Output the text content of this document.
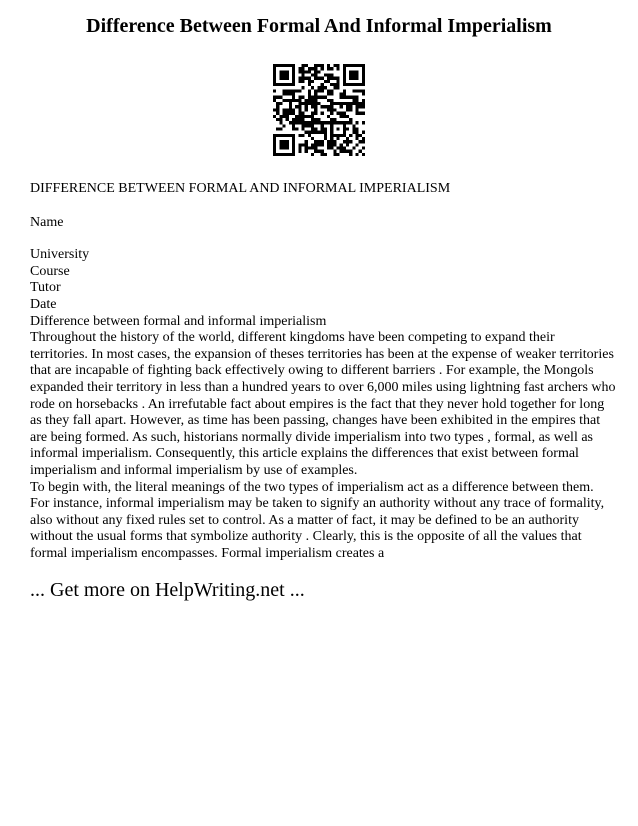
Difference Between Formal And Informal Imperialism

DIFFERENCE BETWEEN FORMAL AND INFORMAL IMPERIALISM

Name

University

Course

Tutor

Date

Difference between formal and informal imperialism

Throughout the history of the world, different kingdoms have been competing to expand their territories. In most cases, the expansion of theses territories has been at the expense of weaker territories that are incapable of fighting back effectively owing to different barriers . For example, the Mongols expanded their territory in less than a hundred years to over 6,000 miles using lightning fast archers who rode on horsebacks . An irrefutable fact about empires is the fact that they never hold together for long as they fall apart. However, as time has been passing, changes have been exhibited in the empires that are being formed. As such, historians normally divide imperialism into two types , formal, as well as informal imperialism. Consequently, this article explains the differences that exist between formal imperialism and informal imperialism by use of examples.

To begin with, the literal meanings of the two types of imperialism act as a difference between them. For instance, informal imperialism may be taken to signify an authority without any trace of formality, also without any fixed rules set to control. As a matter of fact, it may be defined to be an authority without the usual forms that symbolize authority . Clearly, this is the opposite of all the values that formal imperialism encompasses. Formal imperialism creates a

... Get more on HelpWriting.net ...
